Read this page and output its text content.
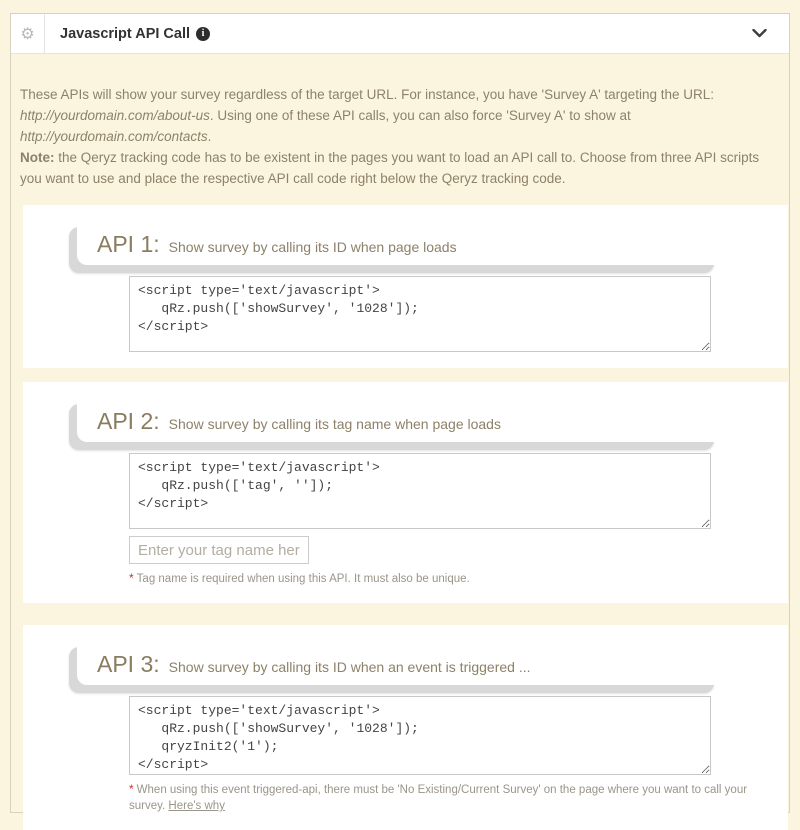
⚙ Javascript API Call	i
These APIs will show your survey regardless of the target URL. For instance, you have 'Survey A' targeting the URL:
http://yourdomain.com/about-us. Using one of these API calls, you can also force 'Survey A' to show at
http://yourdomain.com/contacts.
Note: the Qeryz tracking code has to be existent in the pages you want to load an API call to. Choose from three API scripts you want to use and place the respective API call code right below the Qeryz tracking code.
API 1: Show survey by calling its ID when page loads
<script type='text/javascript'> qRz.push(['showSurvey', '1028']); </script>
API 2: Show survey by calling its tag name when page loads
<script type='text/javascript'> qRz.push(['tag', '']); </script>
Enter your tag name here
* Tag name is required when using this API. It must also be unique.
API 3: Show survey by calling its ID when an event is triggered ...
<script type='text/javascript'> qRz.push(['showSurvey', '1028']); qryzInit2('1'); </script>
* When using this event triggered-api, there must be 'No Existing/Current Survey' on the page where you want to call your survey. Here's why
